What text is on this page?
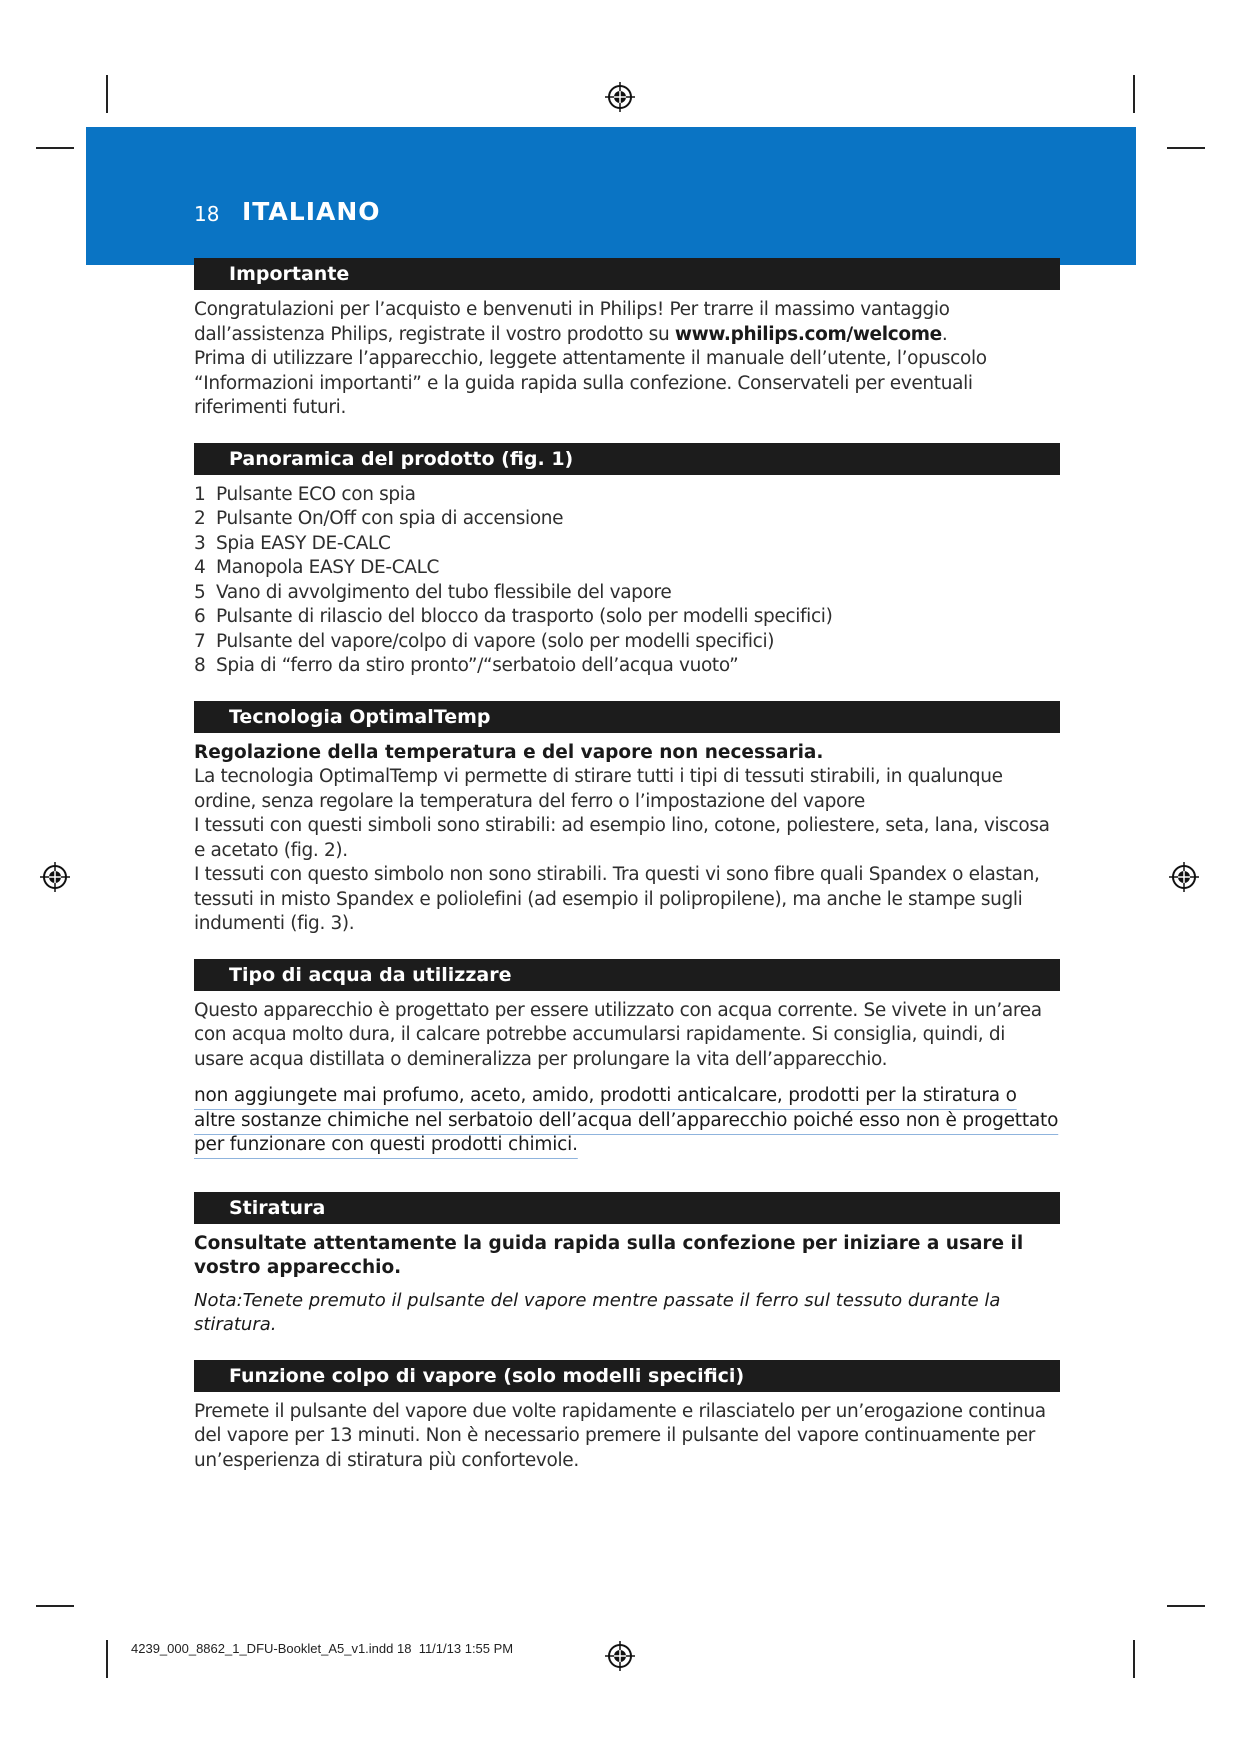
18 ITALIANO
Importante
Congratulazioni per l’acquisto e benvenuti in Philips! Per trarre il massimo vantaggio dall’assistenza Philips, registrate il vostro prodotto su www.philips.com/welcome.
Prima di utilizzare l’apparecchio, leggete attentamente il manuale dell’utente, l’opuscolo “Informazioni importanti” e la guida rapida sulla confezione. Conservateli per eventuali riferimenti futuri.
Panoramica del prodotto (fig. 1)
1 Pulsante ECO con spia
2 Pulsante On/Off con spia di accensione
3 Spia EASY DE-CALC
4 Manopola EASY DE-CALC
5 Vano di avvolgimento del tubo flessibile del vapore
6 Pulsante di rilascio del blocco da trasporto (solo per modelli specifici)
7 Pulsante del vapore/colpo di vapore (solo per modelli specifici)
8 Spia di “ferro da stiro pronto”/“serbatoio dell’acqua vuoto”
Tecnologia OptimalTemp
Regolazione della temperatura e del vapore non necessaria.
La tecnologia OptimalTemp vi permette di stirare tutti i tipi di tessuti stirabili, in qualunque ordine, senza regolare la temperatura del ferro o l’impostazione del vapore
I tessuti con questi simboli sono stirabili: ad esempio lino, cotone, poliestere, seta, lana, viscosa e acetato (fig. 2).
I tessuti con questo simbolo non sono stirabili. Tra questi vi sono fibre quali Spandex o elastan, tessuti in misto Spandex e poliolefini (ad esempio il polipropilene), ma anche le stampe sugli indumenti (fig. 3).
Tipo di acqua da utilizzare
Questo apparecchio è progettato per essere utilizzato con acqua corrente. Se vivete in un’area con acqua molto dura, il calcare potrebbe accumularsi rapidamente. Si consiglia, quindi, di usare acqua distillata o demineralizza per prolungare la vita dell’apparecchio.
non aggiungete mai profumo, aceto, amido, prodotti anticalcare, prodotti per la stiratura o altre sostanze chimiche nel serbatoio dell’acqua dell’apparecchio poiché esso non è progettato per funzionare con questi prodotti chimici.
Stiratura
Consultate attentamente la guida rapida sulla confezione per iniziare a usare il vostro apparecchio.
Nota:Tenete premuto il pulsante del vapore mentre passate il ferro sul tessuto durante la stiratura.
Funzione colpo di vapore (solo modelli specifici)
Premete il pulsante del vapore due volte rapidamente e rilasciatelo per un’erogazione continua del vapore per 13 minuti. Non è necessario premere il pulsante del vapore continuamente per un’esperienza di stiratura più confortevole.
4239_000_8862_1_DFU-Booklet_A5_v1.indd 18 11/1/13 1:55 PM
